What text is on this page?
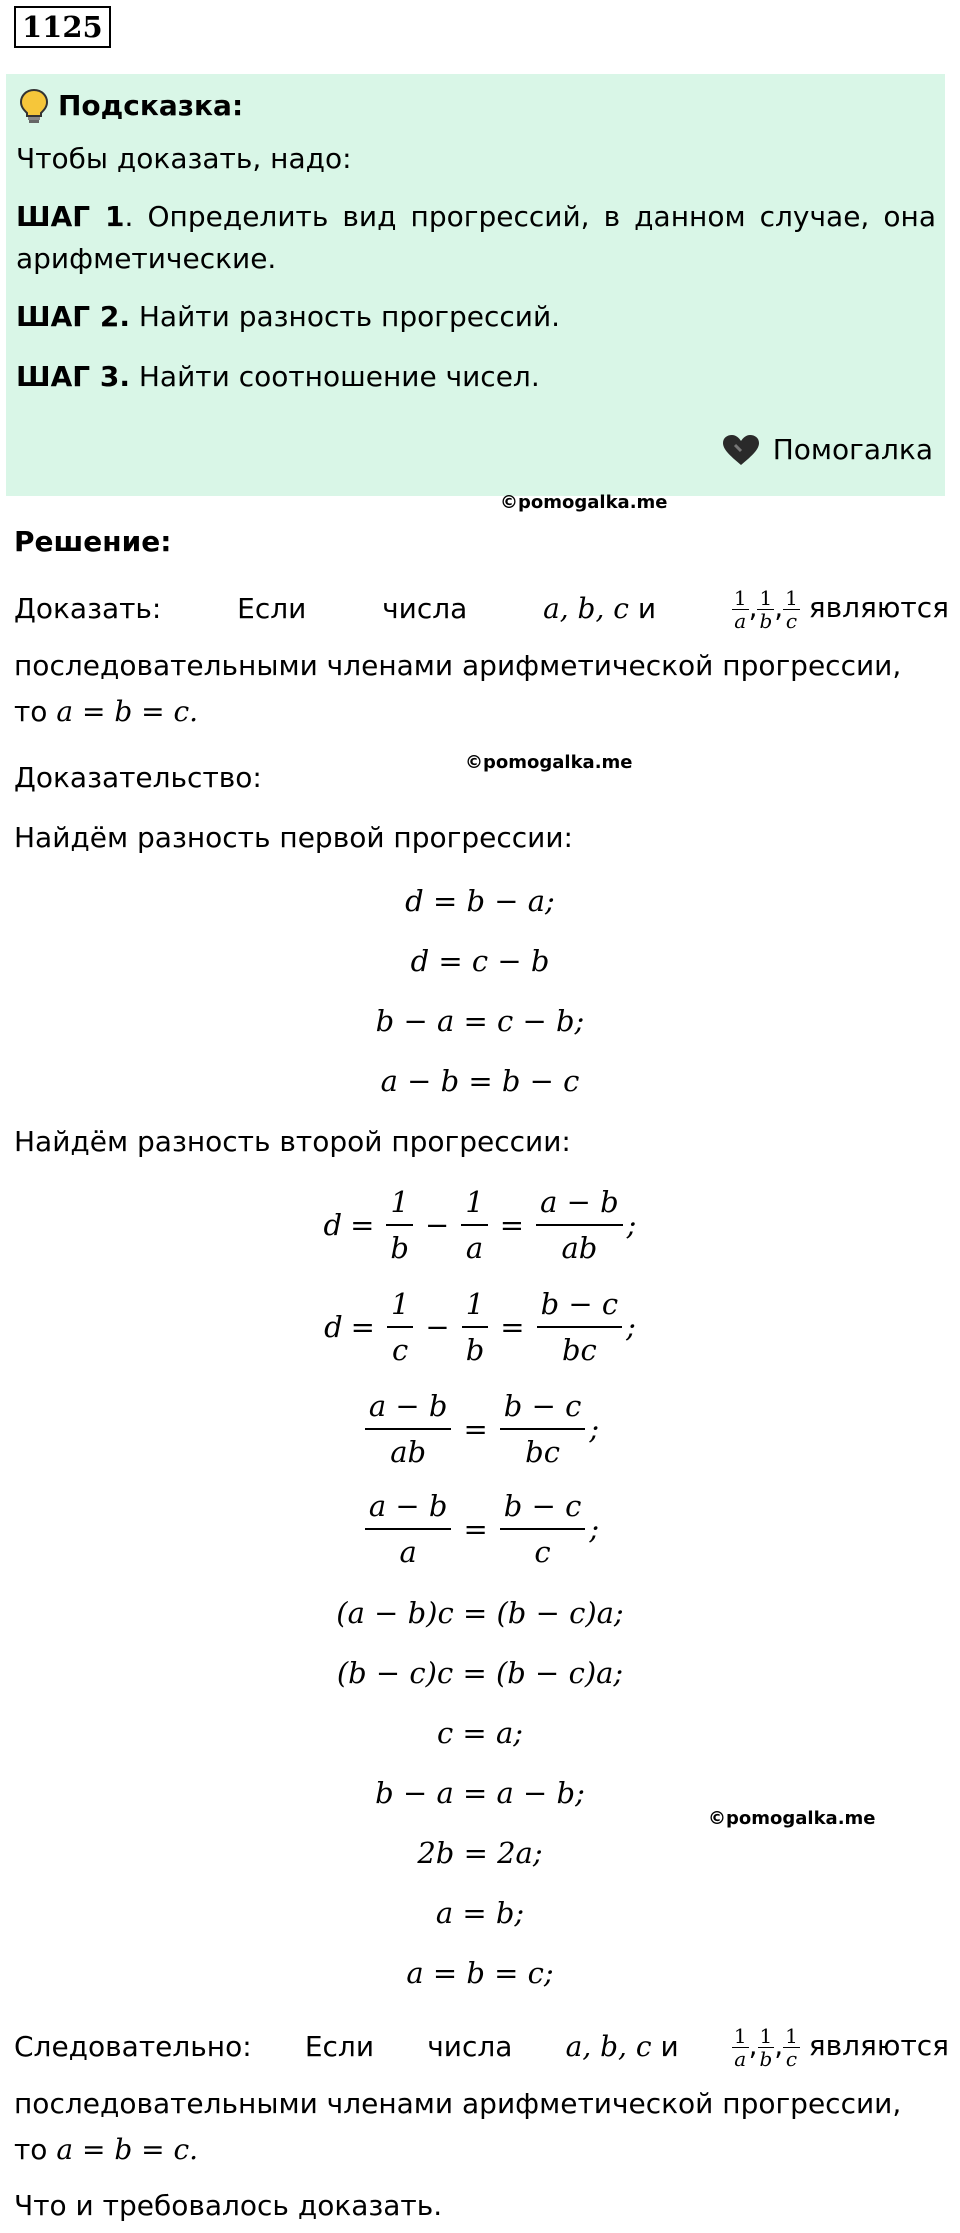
1125
Подсказка:
Чтобы доказать, надо:
ШАГ 1. Определить вид прогрессий, в данном случае, она арифметические.
ШАГ 2. Найти разность прогрессий.
ШАГ 3. Найти соотношение чисел.
Помогалка
©pomogalka.me
Решение:
Доказать:	Если	числа	a, b, c и	$\frac{1}{a}$ , $\frac{1}{b}$ , $\frac{1}{c}$ являются
последовательными членами арифметической прогрессии,
то a = b = c.
©pomogalka.me
Доказательство:
Найдём разность первой прогрессии:
d = b − a;
d = c − b
b − a = c − b;
a − b = b − c
Найдём разность второй прогрессии:
$d = \frac{1}{b} - \frac{1}{a} = \frac{a - b}{ab}$ ;
$d = \frac{1}{c} - \frac{1}{b} = \frac{b - c}{bc}$ ;
$\frac{a - b}{ab} = \frac{b - c}{bc}$ ;
$\frac{a - b}{a} = \frac{b - c}{c}$ ;
(a − b)c = (b − c)a;
(b − c)c = (b − c)a;
c = a;
b − a = a − b;
©pomogalka.me
2b = 2a;
a = b;
a = b = c;
Следовательно: Если числа a, b, c и	$\frac{1}{a}$ , $\frac{1}{b}$ , $\frac{1}{c}$ являются
последовательными членами арифметической прогрессии,
то a = b = c.
Что и требовалось доказать.
